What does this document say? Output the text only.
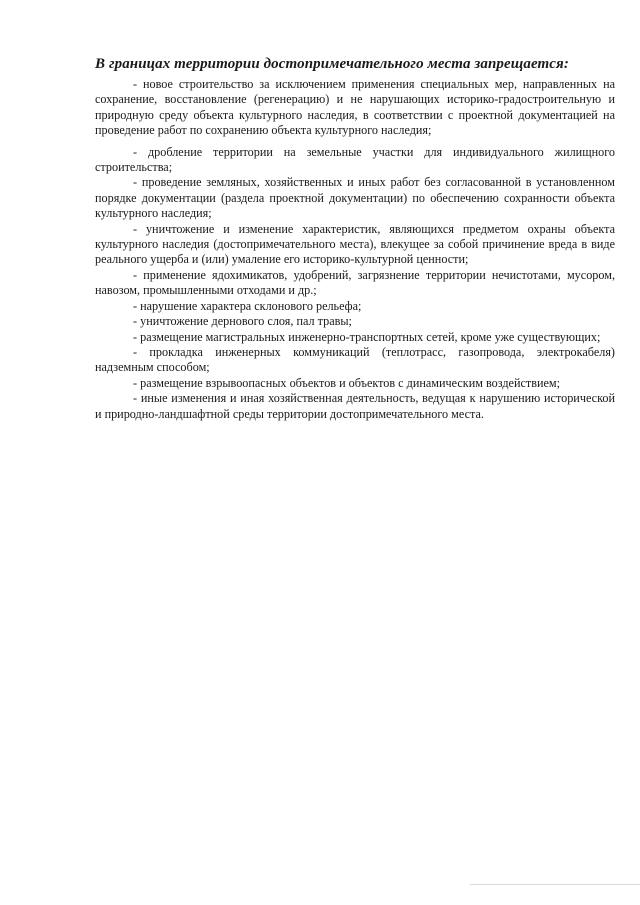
В границах территории достопримечательного места запрещается:

- новое строительство за исключением применения специальных мер, направленных на сохранение, восстановление (регенерацию) и не нарушающих историко-градостроительную и природную среду объекта культурного наследия, в соответствии с проектной документацией на проведение работ по сохранению объекта культурного наследия;

- дробление территории на земельные участки для индивидуального жилищного строительства;

- проведение земляных, хозяйственных и иных работ без согласованной в установленном порядке документации (раздела проектной документации) по обеспечению сохранности объекта культурного наследия;

- уничтожение и изменение характеристик, являющихся предметом охраны объекта культурного наследия (достопримечательного места), влекущее за собой причинение вреда в виде реального ущерба и (или) умаление его историко-культурной ценности;

- применение ядохимикатов, удобрений, загрязнение территории нечистотами, мусором, навозом, промышленными отходами и др.;

- нарушение характера склонового рельефа;

- уничтожение дернового слоя, пал травы;

- размещение магистральных инженерно-транспортных сетей, кроме уже существующих;

- прокладка инженерных коммуникаций (теплотрасс, газопровода, электрокабеля) надземным способом;

- размещение взрывоопасных объектов и объектов с динамическим воздействием;

- иные изменения и иная хозяйственная деятельность, ведущая к нарушению исторической и природно-ландшафтной среды территории достопримечательного места.
